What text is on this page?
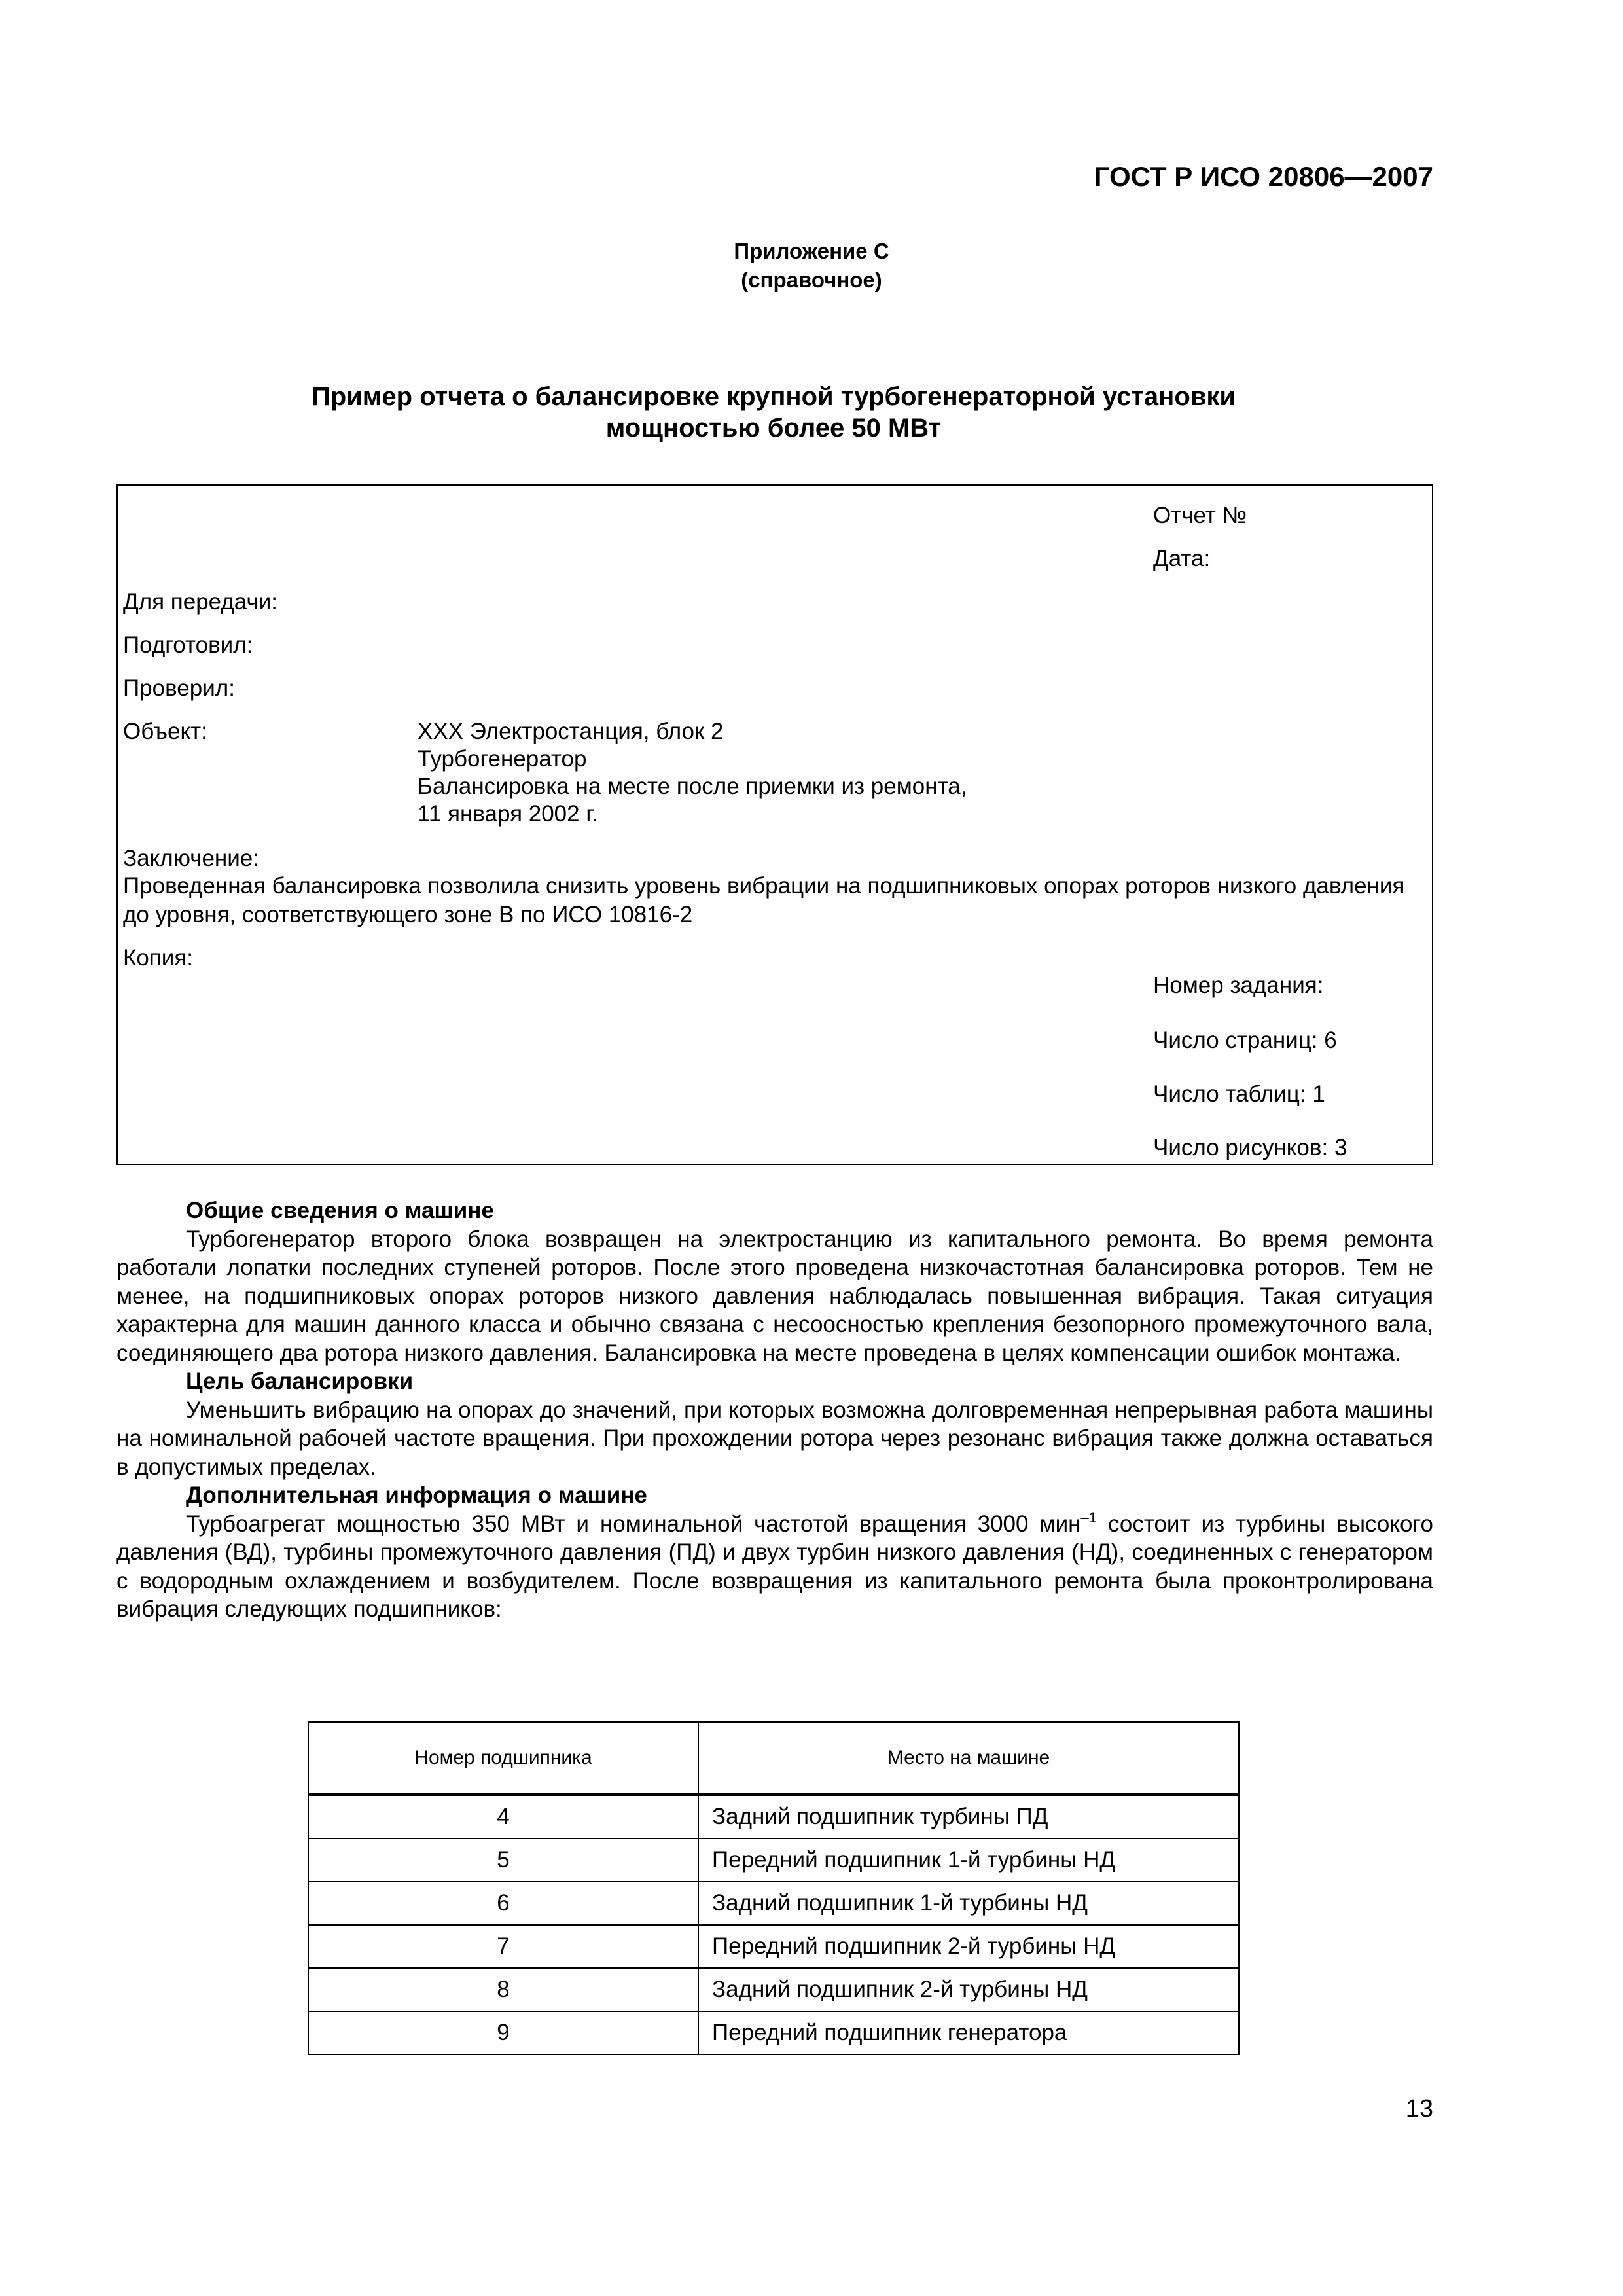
ГОСТ Р ИСО 20806—2007
Приложение С
(справочное)
Пример отчета о балансировке крупной турбогенераторной установки
мощностью более 50 МВт
Отчет №
Дата:
Для передачи:
Подготовил:
Проверил:
Объект:	ХХХ Электростанция, блок 2
Турбогенератор
Балансировка на месте после приемки из ремонта,
11 января 2002 г.
Заключение:
Проведенная балансировка позволила снизить уровень вибрации на подшипниковых опорах роторов низкого давления до уровня, соответствующего зоне В по ИСО 10816-2
Копия:
Номер задания:
Число страниц: 6
Число таблиц: 1
Число рисунков: 3
Общие сведения о машине
Турбогенератор второго блока возвращен на электростанцию из капитального ремонта. Во время ремонта работали лопатки последних ступеней роторов. После этого проведена низкочастотная балансировка роторов. Тем не менее, на подшипниковых опорах роторов низкого давления наблюдалась повышенная вибрация. Такая ситуация характерна для машин данного класса и обычно связана с несоосностью крепления безопорного промежуточного вала, соединяющего два ротора низкого давления. Балансировка на месте проведена в целях компенсации ошибок монтажа.
Цель балансировки
Уменьшить вибрацию на опорах до значений, при которых возможна долговременная непрерывная работа машины на номинальной рабочей частоте вращения. При прохождении ротора через резонанс вибрация также должна оставаться в допустимых пределах.
Дополнительная информация о машине
Турбоагрегат мощностью 350 МВт и номинальной частотой вращения 3000 мин$^{-1}$ состоит из турбины высокого давления (ВД), турбины промежуточного давления (ПД) и двух турбин низкого давления (НД), соединенных с генератором с водородным охлаждением и возбудителем. После возвращения из капитального ремонта была проконтролирована вибрация следующих подшипников:
Номер подшипника	Место на машине
4	Задний подшипник турбины ПД
5	Передний подшипник 1-й турбины НД
6	Задний подшипник 1-й турбины НД
7	Передний подшипник 2-й турбины НД
8	Задний подшипник 2-й турбины НД
9	Передний подшипник генератора
13
